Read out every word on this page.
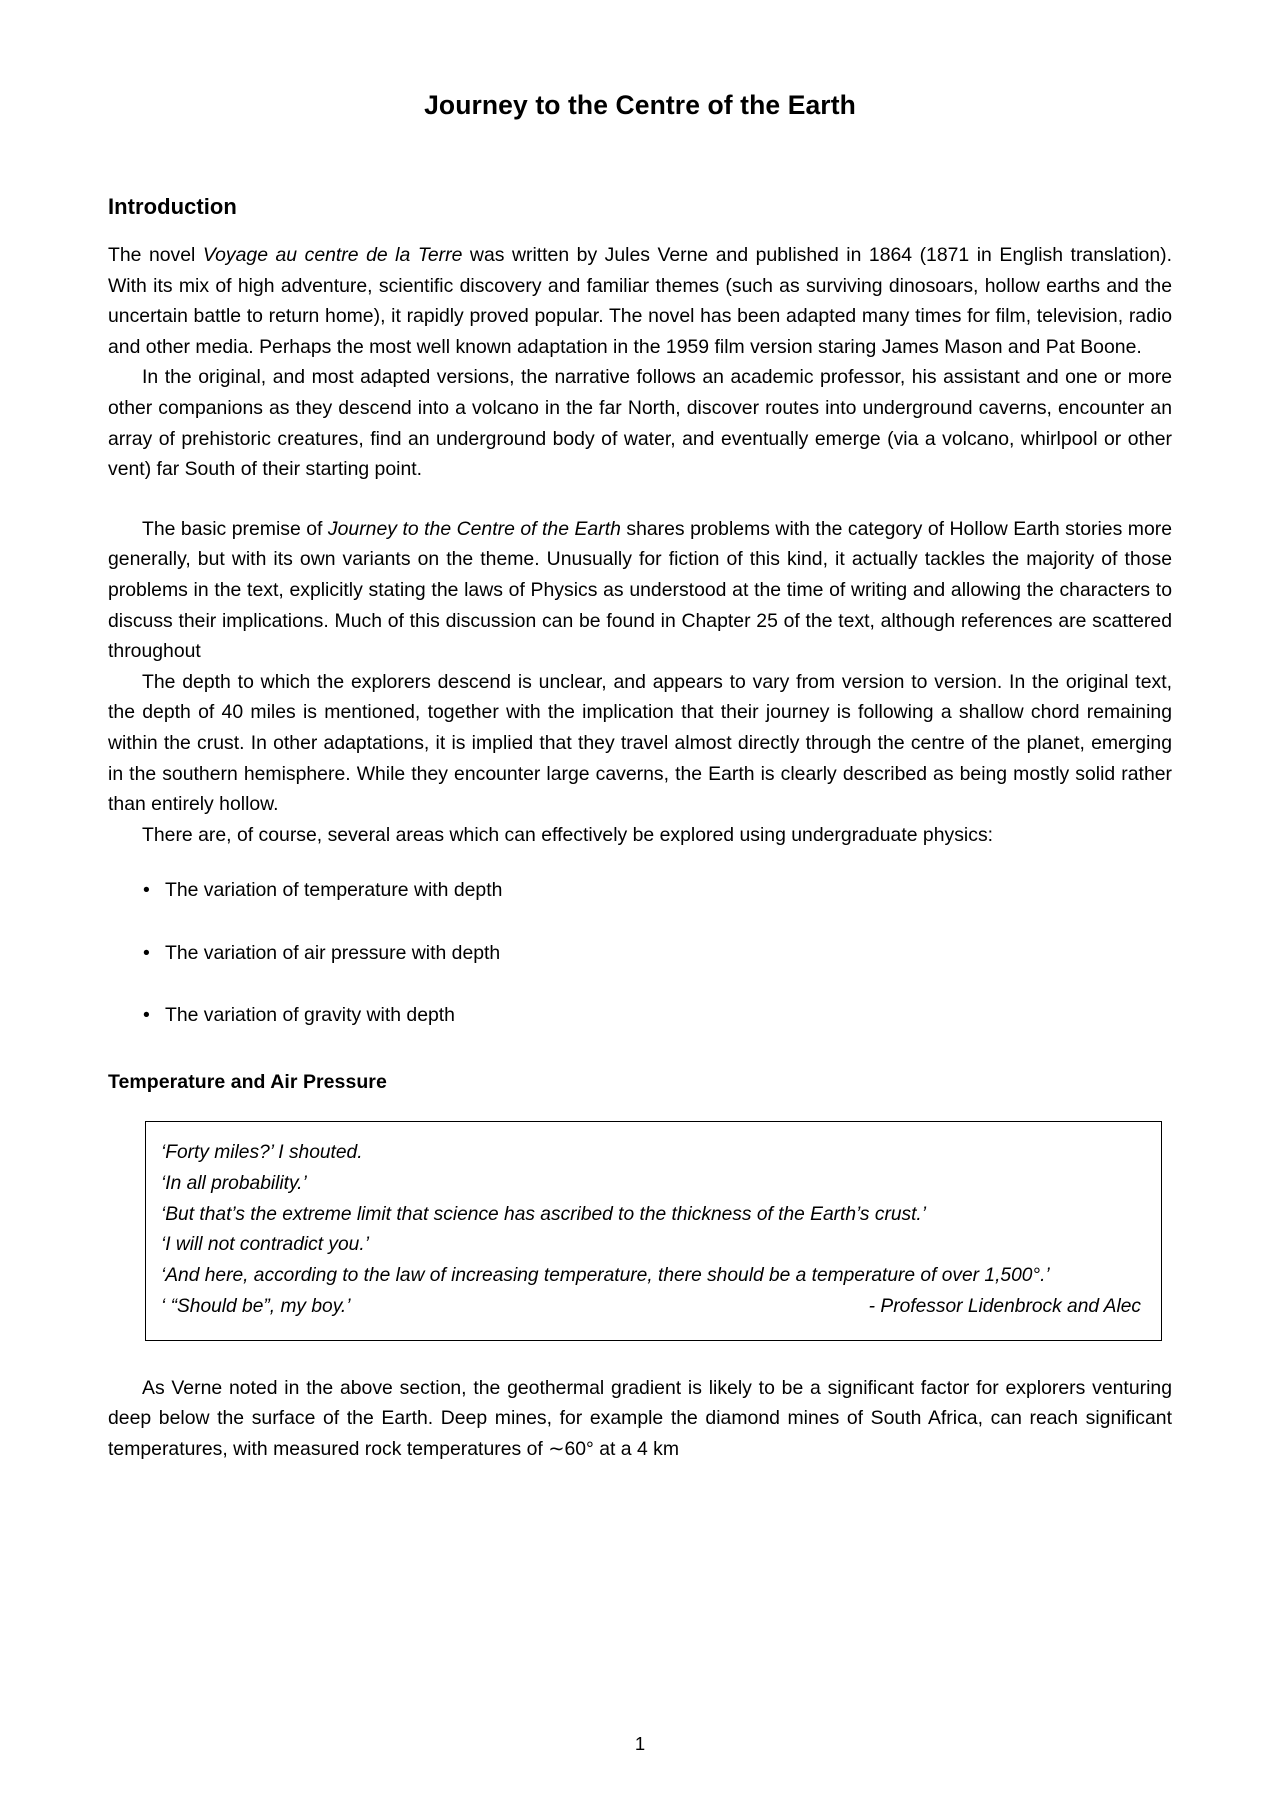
Journey to the Centre of the Earth
Introduction

The novel Voyage au centre de la Terre was written by Jules Verne and published in 1864 (1871 in English translation). With its mix of high adventure, scientific discovery and familiar themes (such as surviving dinosoars, hollow earths and the uncertain battle to return home), it rapidly proved popular. The novel has been adapted many times for film, television, radio and other media. Perhaps the most well known adaptation in the 1959 film version staring James Mason and Pat Boone.

In the original, and most adapted versions, the narrative follows an academic professor, his assistant and one or more other companions as they descend into a volcano in the far North, discover routes into underground caverns, encounter an array of prehistoric creatures, find an underground body of water, and eventually emerge (via a volcano, whirlpool or other vent) far South of their starting point.

The basic premise of Journey to the Centre of the Earth shares problems with the category of Hollow Earth stories more generally, but with its own variants on the theme. Unusually for fiction of this kind, it actually tackles the majority of those problems in the text, explicitly stating the laws of Physics as understood at the time of writing and allowing the characters to discuss their implications. Much of this discussion can be found in Chapter 25 of the text, although references are scattered throughout

The depth to which the explorers descend is unclear, and appears to vary from version to version. In the original text, the depth of 40 miles is mentioned, together with the implication that their journey is following a shallow chord remaining within the crust. In other adaptations, it is implied that they travel almost directly through the centre of the planet, emerging in the southern hemisphere. While they encounter large caverns, the Earth is clearly described as being mostly solid rather than entirely hollow.

There are, of course, several areas which can effectively be explored using undergraduate physics:

• The variation of temperature with depth
• The variation of air pressure with depth
• The variation of gravity with depth
Temperature and Air Pressure

‘Forty miles?’ I shouted.

‘In all probability.’

‘But that’s the extreme limit that science has ascribed to the thickness of the Earth’s crust.’

‘I will not contradict you.’

‘And here, according to the law of increasing temperature, there should be a temperature of over 1,500°.’

‘ “Should be”, my boy.’	- Professor Lidenbrock and Alec

As Verne noted in the above section, the geothermal gradient is likely to be a significant factor for explorers venturing deep below the surface of the Earth. Deep mines, for example the diamond mines of South Africa, can reach significant temperatures, with measured rock temperatures of ∼60° at a 4 km

1
